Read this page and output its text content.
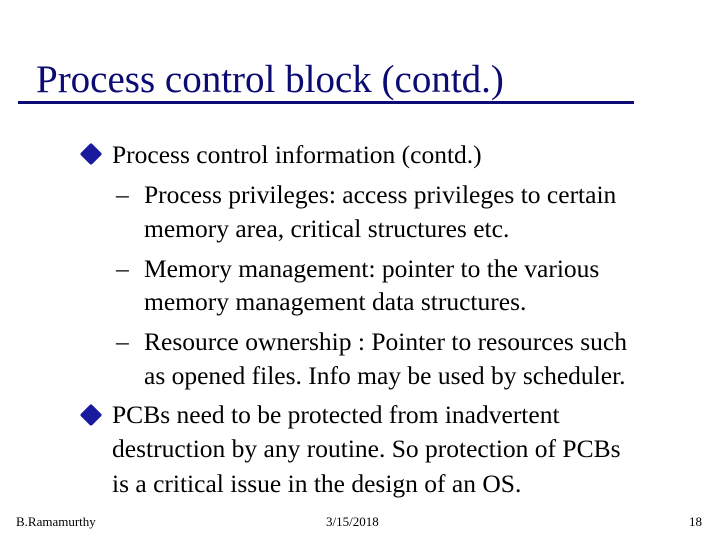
Process control block (contd.)
Process control information (contd.)
– Process privileges: access privileges to certain
memory area, critical structures etc.
– Memory management: pointer to the various
memory management data structures.
– Resource ownership : Pointer to resources such
as opened files. Info may be used by scheduler.
PCBs need to be protected from inadvertent
destruction by any routine. So protection of PCBs
is a critical issue in the design of an OS.
B.Ramamurthy	3/15/2018	18
